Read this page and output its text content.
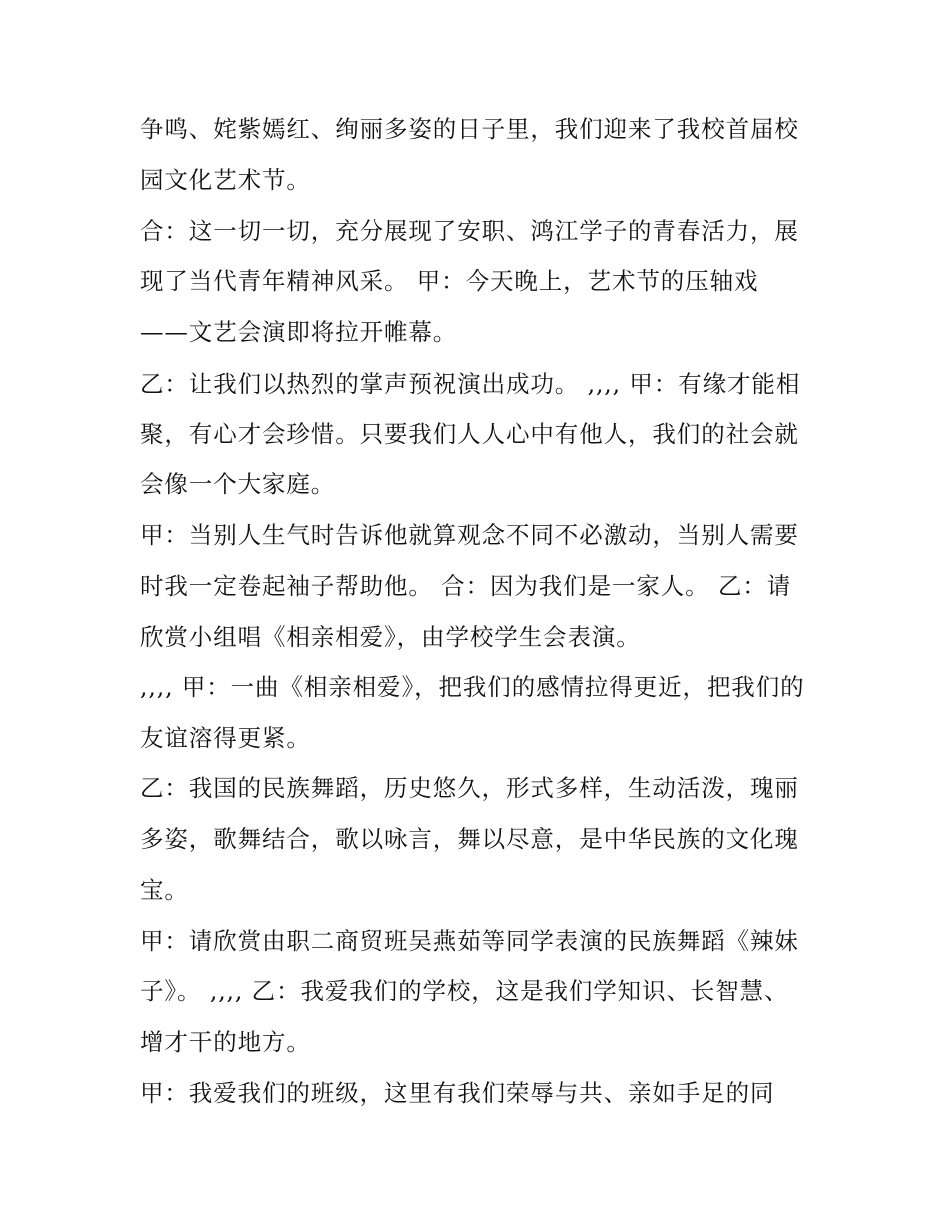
争鸣、姹紫嫣红、绚丽多姿的日子里，我们迎来了我校首届校
园文化艺术节。
合：这一切一切，充分展现了安职、鸿江学子的青春活力，展
现了当代青年精神风采。 甲：今天晚上，艺术节的压轴戏
——文艺会演即将拉开帷幕。
乙：让我们以热烈的掌声预祝演出成功。 ,,,, 甲：有缘才能相
聚，有心才会珍惜。只要我们人人心中有他人，我们的社会就
会像一个大家庭。
甲：当别人生气时告诉他就算观念不同不必激动，当别人需要
时我一定卷起袖子帮助他。 合：因为我们是一家人。 乙：请
欣赏小组唱《相亲相爱》，由学校学生会表演。
,,,, 甲：一曲《相亲相爱》，把我们的感情拉得更近，把我们的
友谊溶得更紧。
乙：我国的民族舞蹈，历史悠久，形式多样，生动活泼，瑰丽
多姿，歌舞结合，歌以咏言，舞以尽意，是中华民族的文化瑰
宝。
甲：请欣赏由职二商贸班吴燕茹等同学表演的民族舞蹈《辣妹
子》。 ,,,, 乙：我爱我们的学校，这是我们学知识、长智慧、
增才干的地方。
甲：我爱我们的班级，这里有我们荣辱与共、亲如手足的同
